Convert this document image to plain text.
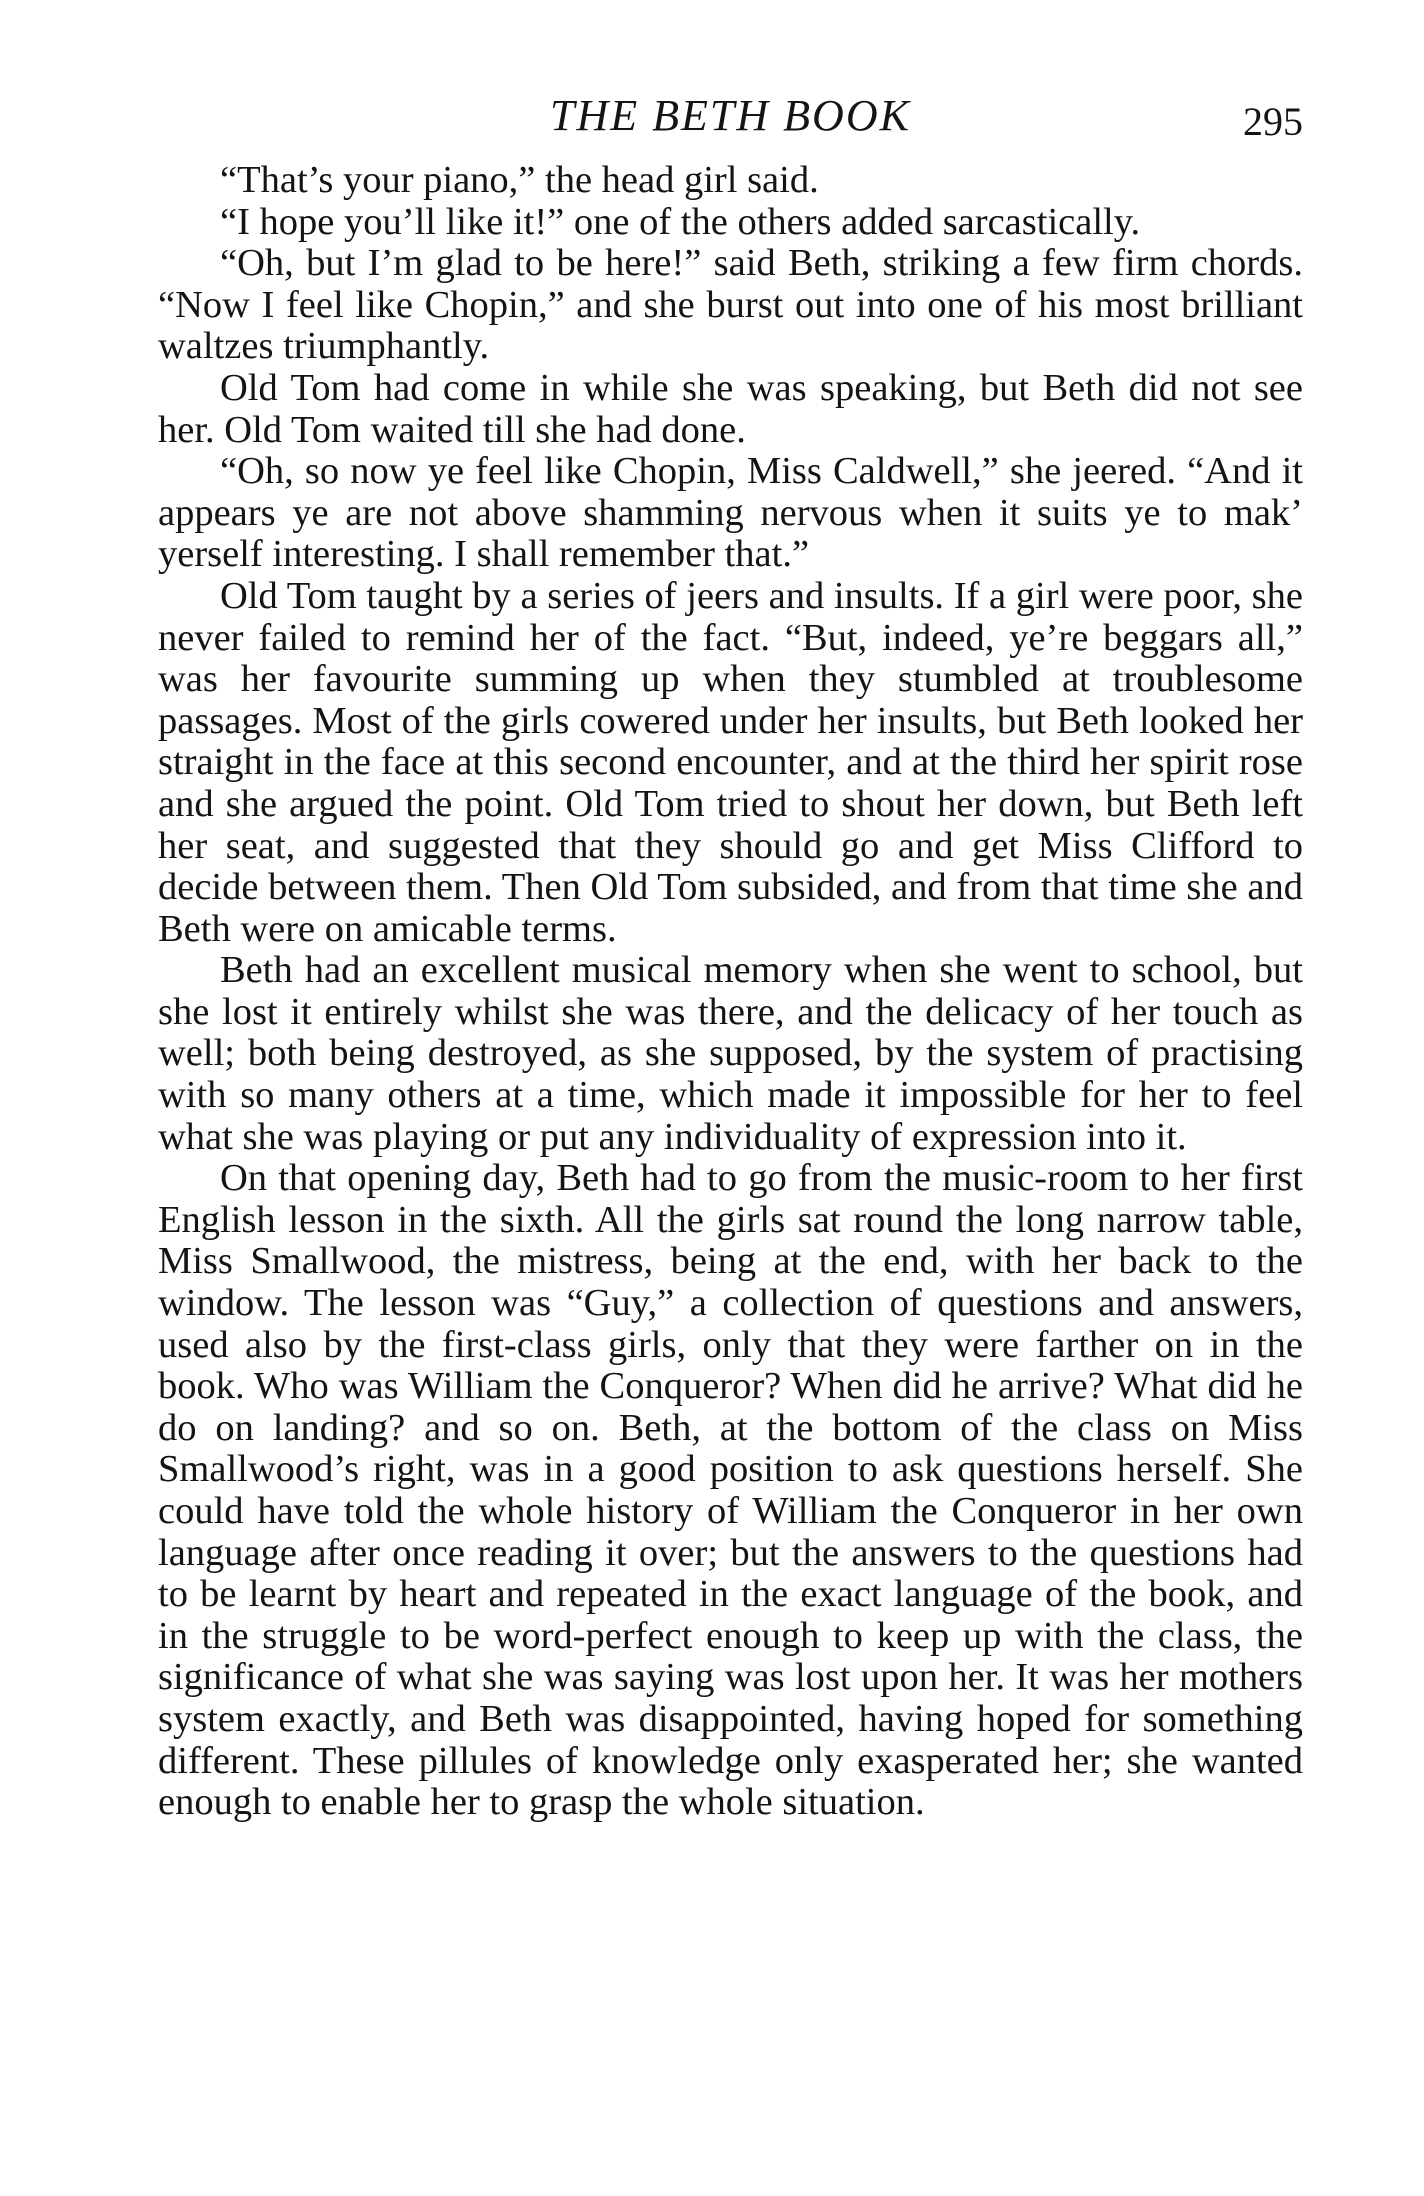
THE BETH BOOK	295

“That’s your piano,” the head girl said.

“I hope you’ll like it!” one of the others added sarcastically.

“Oh, but I’m glad to be here!” said Beth, striking a few firm chords. “Now I feel like Chopin,” and she burst out into one of his most brilliant waltzes triumphantly.

Old Tom had come in while she was speaking, but Beth did not see her. Old Tom waited till she had done.

“Oh, so now ye feel like Chopin, Miss Caldwell,” she jeered. “And it appears ye are not above shamming nervous when it suits ye to mak’ yerself interesting. I shall remember that.”

Old Tom taught by a series of jeers and insults. If a girl were poor, she never failed to remind her of the fact. “But, indeed, ye’re beggars all,” was her favourite summing up when they stumbled at troublesome passages. Most of the girls cowered under her insults, but Beth looked her straight in the face at this second encounter, and at the third her spirit rose and she argued the point. Old Tom tried to shout her down, but Beth left her seat, and suggested that they should go and get Miss Clifford to decide between them. Then Old Tom subsided, and from that time she and Beth were on amicable terms.

Beth had an excellent musical memory when she went to school, but she lost it entirely whilst she was there, and the delicacy of her touch as well; both being destroyed, as she supposed, by the system of practising with so many others at a time, which made it impossible for her to feel what she was playing or put any individuality of expression into it.

On that opening day, Beth had to go from the music-room to her first English lesson in the sixth. All the girls sat round the long narrow table, Miss Smallwood, the mistress, being at the end, with her back to the window. The lesson was “Guy,” a collection of questions and answers, used also by the first-class girls, only that they were farther on in the book. Who was William the Conqueror? When did he arrive? What did he do on landing? and so on. Beth, at the bottom of the class on Miss Smallwood’s right, was in a good position to ask questions herself. She could have told the whole history of William the Conqueror in her own language after once reading it over; but the answers to the questions had to be learnt by heart and repeated in the exact language of the book, and in the struggle to be word-perfect enough to keep up with the class, the significance of what she was saying was lost upon her. It was her mothers system exactly, and Beth was disappointed, having hoped for something different. These pillules of knowledge only exasperated her; she wanted enough to enable her to grasp the whole situation.
